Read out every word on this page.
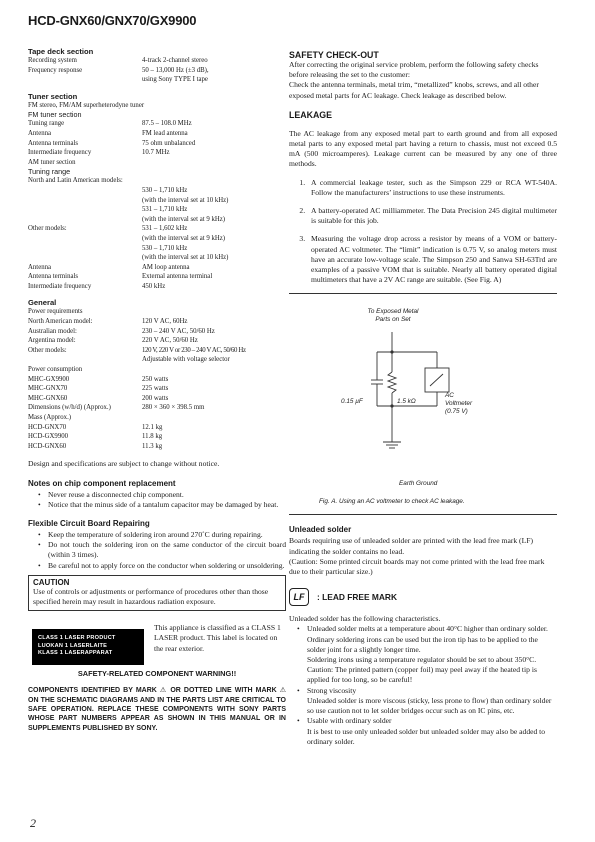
HCD-GNX60/GNX70/GX9900
Tape deck section
Recording system	4-track 2-channel stereo
Frequency response	50 – 13,000 Hz (±3 dB),
using Sony TYPE I tape
Tuner section
FM stereo, FM/AM superheterodyne tuner
FM tuner section
Tuning range	87.5 – 108.0 MHz
Antenna	FM lead antenna
Antenna terminals	75 ohm unbalanced
Intermediate frequency	10.7 MHz
AM tuner section
Tuning range
North and Latin American models:
530 – 1,710 kHz
(with the interval set at 10 kHz)
531 – 1,710 kHz
(with the interval set at 9 kHz)
Other models:	531 – 1,602 kHz
(with the interval set at 9 kHz)
530 – 1,710 kHz
(with the interval set at 10 kHz)
Antenna	AM loop antenna
Antenna terminals	External antenna terminal
Intermediate frequency	450 kHz
General
Power requirements
North American model:	120 V AC, 60Hz
Australian model:	230 – 240 V AC, 50/60 Hz
Argentina model:	220 V AC, 50/60 Hz
Other models:	120 V, 220 V or 230 – 240 V AC, 50/60 Hz
Adjustable with voltage selector
Power consumption
MHC-GX9900	250 watts
MHC-GNX70	225 watts
MHC-GNX60	200 watts
Dimensions (w/h/d) (Approx.)	280 × 360 × 398.5 mm
Mass (Approx.)
HCD-GNX70	12.1 kg
HCD-GX9900	11.8 kg
HCD-GNX60	11.3 kg
Design and specifications are subject to change without notice.
Notes on chip component replacement
• Never reuse a disconnected chip component.
• Notice that the minus side of a tantalum capacitor may be damaged by heat.
Flexible Circuit Board Repairing
• Keep the temperature of soldering iron around 270˚C during repairing.
• Do not touch the soldering iron on the same conductor of the circuit board (within 3 times).
• Be careful not to apply force on the conductor when soldering or unsoldering.
CAUTION
Use of controls or adjustments or performance of procedures other than those specified herein may result in hazardous radiation exposure.
CLASS 1 LASER PRODUCT
LUOKAN 1 LASERLAITE
KLASS 1 LASERAPPARAT
This appliance is classified as a CLASS 1 LASER product. This label is located on the rear exterior.
SAFETY-RELATED COMPONENT WARNING!!
COMPONENTS IDENTIFIED BY MARK ⚠ OR DOTTED LINE WITH MARK ⚠ ON THE SCHEMATIC DIAGRAMS AND IN THE PARTS LIST ARE CRITICAL TO SAFE OPERATION. REPLACE THESE COMPONENTS WITH SONY PARTS WHOSE PART NUMBERS APPEAR AS SHOWN IN THIS MANUAL OR IN SUPPLEMENTS PUBLISHED BY SONY.
SAFETY CHECK-OUT
After correcting the original service problem, perform the following safety checks before releasing the set to the customer:
Check the antenna terminals, metal trim, “metallized” knobs, screws, and all other exposed metal parts for AC leakage. Check leakage as described below.
LEAKAGE
The AC leakage from any exposed metal part to earth ground and from all exposed metal parts to any exposed metal part having a return to chassis, must not exceed 0.5 mA (500 microamperes). Leakage current can be measured by any one of three methods.
1. A commercial leakage tester, such as the Simpson 229 or RCA WT-540A. Follow the manufacturers’ instructions to use these instruments.
2. A battery-operated AC milliammeter. The Data Precision 245 digital multimeter is suitable for this job.
3. Measuring the voltage drop across a resistor by means of a VOM or battery-operated AC voltmeter. The “limit” indication is 0.75 V, so analog meters must have an accurate low-voltage scale. The Simpson 250 and Sanwa SH-63Trd are examples of a passive VOM that is suitable. Nearly all battery operated digital multimeters that have a 2V AC range are suitable. (See Fig. A)
To Exposed Metal
Parts on Set
0.15 µF	1.5 kΩ
AC
Voltmeter
(0.75 V)
Earth Ground
Fig. A. Using an AC voltmeter to check AC leakage.
Unleaded solder
Boards requiring use of unleaded solder are printed with the lead free mark (LF) indicating the solder contains no lead.
(Caution: Some printed circuit boards may not come printed with the lead free mark due to their particular size.)
LF : LEAD FREE MARK
Unleaded solder has the following characteristics.
• Unleaded solder melts at a temperature about 40°C higher than ordinary solder.
Ordinary soldering irons can be used but the iron tip has to be applied to the solder joint for a slightly longer time.
Soldering irons using a temperature regulator should be set to about 350°C.
Caution: The printed pattern (copper foil) may peel away if the heated tip is applied for too long, so be careful!
• Strong viscosity
Unleaded solder is more viscous (sticky, less prone to flow) than ordinary solder so use caution not to let solder bridges occur such as on IC pins, etc.
• Usable with ordinary solder
It is best to use only unleaded solder but unleaded solder may also be added to ordinary solder.
2
